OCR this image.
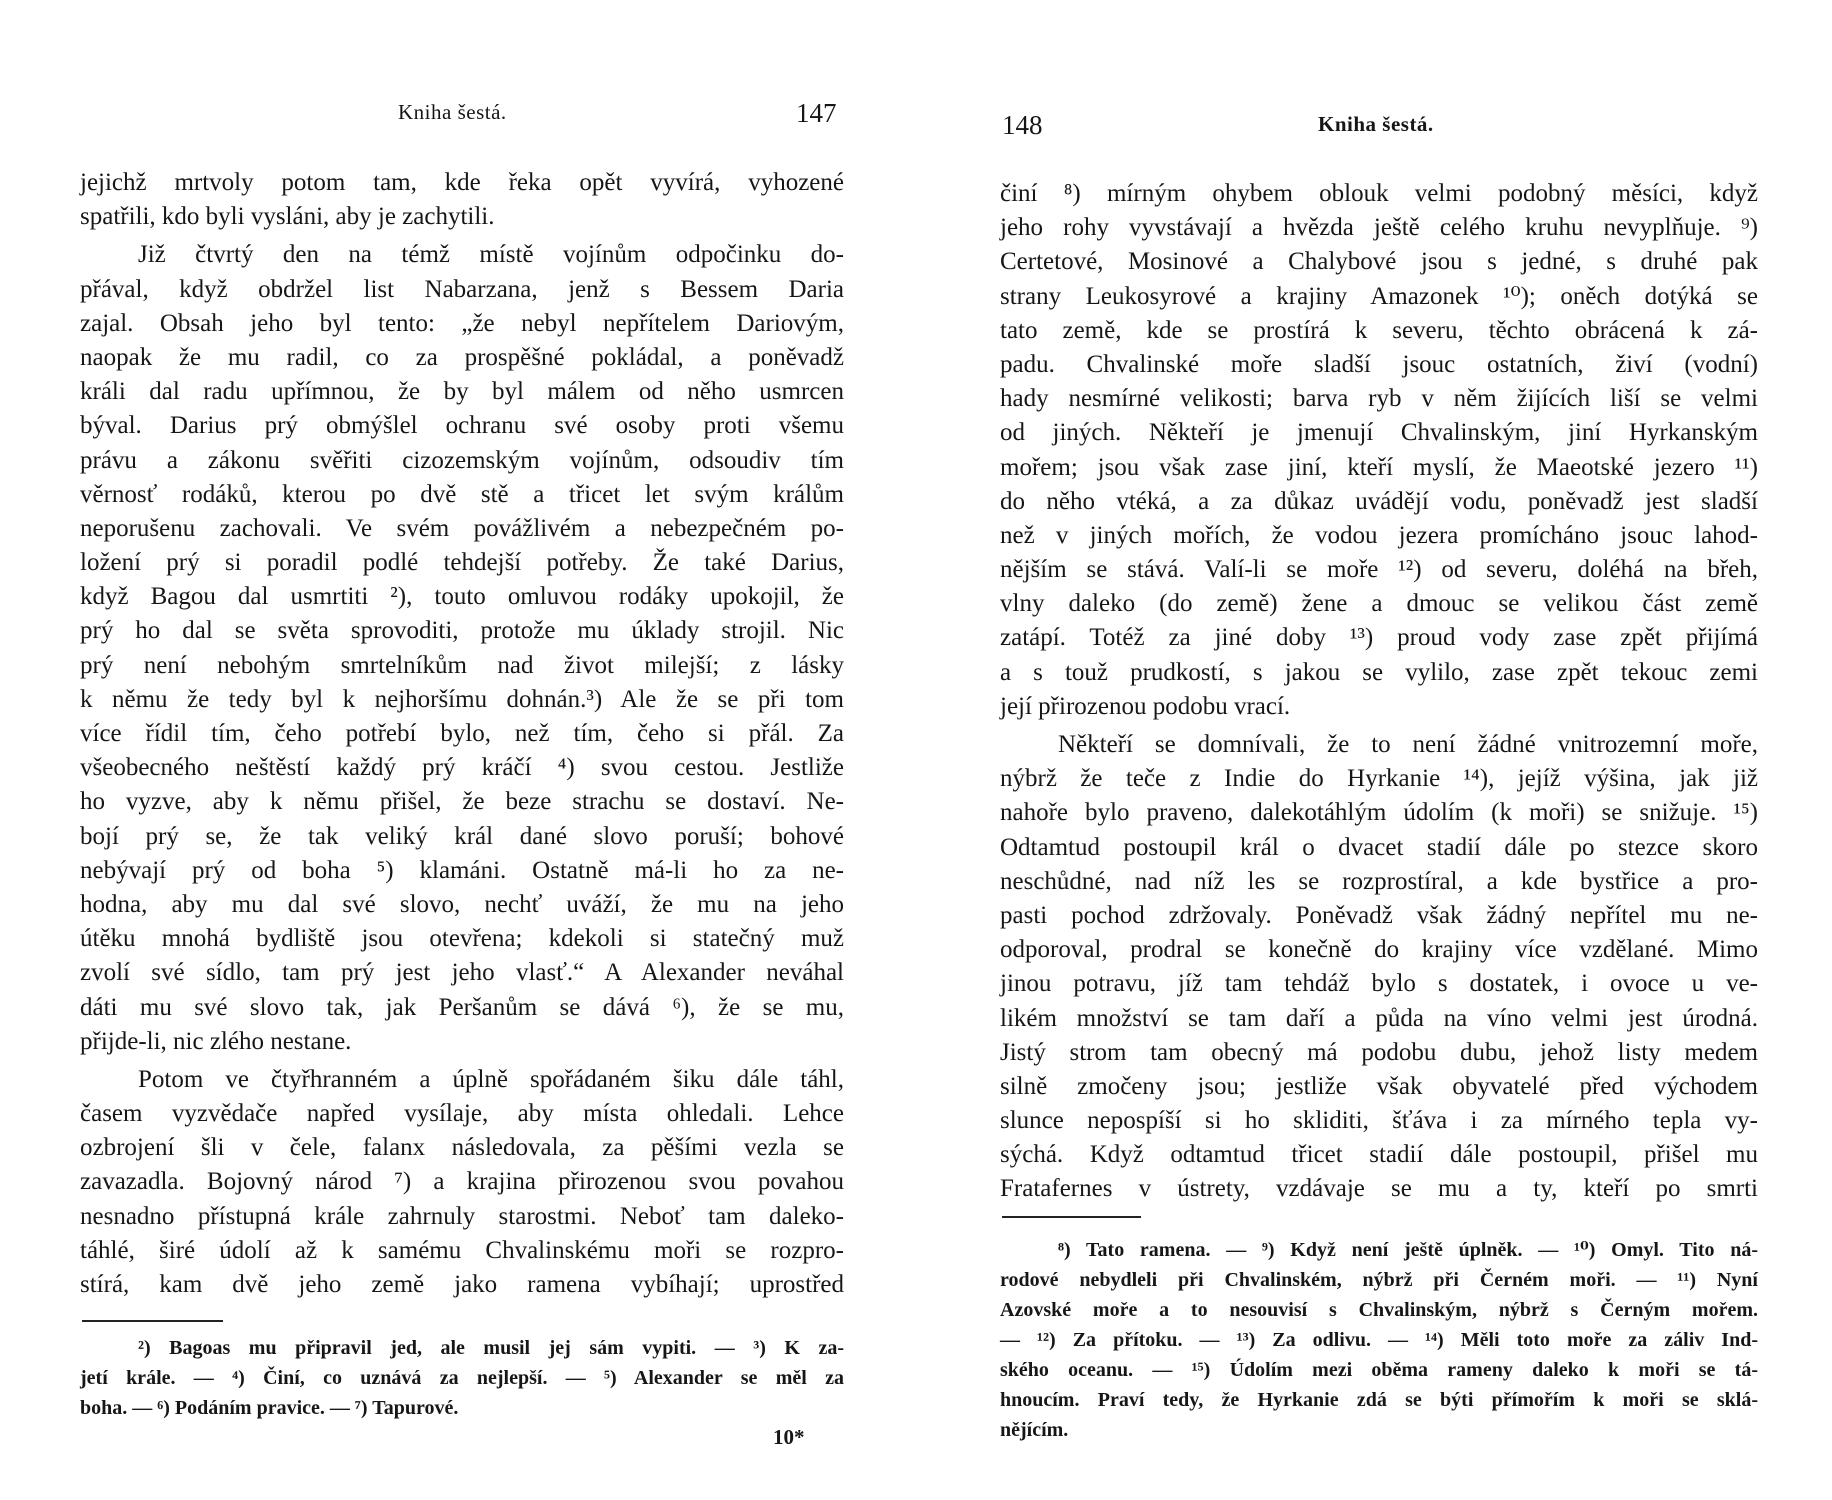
Kniha šestá.	147
jejichž mrtvoly potom tam, kde řeka opět vyvírá, vyhozené
spatřili, kdo byli vysláni, aby je zachytili.
Již čtvrtý den na témž místě vojínům odpočinku do-
přával, když obdržel list Nabarzana, jenž s Bessem Daria
zajal. Obsah jeho byl tento: „že nebyl nepřítelem Dariovým,
naopak že mu radil, co za prospěšné pokládal, a poněvadž
králi dal radu upřímnou, že by byl málem od něho usmrcen
býval. Darius prý obmýšlel ochranu své osoby proti všemu
právu a zákonu svěřiti cizozemským vojínům, odsoudiv tím
věrnosť rodáků, kterou po dvě stě a třicet let svým králům
neporušenu zachovali. Ve svém povážlivém a nebezpečném po-
ložení prý si poradil podlé tehdejší potřeby. Že také Darius,
když Bagou dal usmrtiti ²), touto omluvou rodáky upokojil, že
prý ho dal se světa sprovoditi, protože mu úklady strojil. Nic
prý není nebohým smrtelníkům nad život milejší; z lásky
k němu že tedy byl k nejhoršímu dohnán.³) Ale že se při tom
více řídil tím, čeho potřebí bylo, než tím, čeho si přál. Za
všeobecného neštěstí každý prý kráčí ⁴) svou cestou. Jestliže
ho vyzve, aby k němu přišel, že beze strachu se dostaví. Ne-
bojí prý se, že tak veliký král dané slovo poruší; bohové
nebývají prý od boha ⁵) klamáni. Ostatně má-li ho za ne-
hodna, aby mu dal své slovo, nechť uváží, že mu na jeho
útěku mnohá bydliště jsou otevřena; kdekoli si statečný muž
zvolí své sídlo, tam prý jest jeho vlasť.“ A Alexander neváhal
dáti mu své slovo tak, jak Peršanům se dává ⁶), že se mu,
přijde-li, nic zlého nestane.
Potom ve čtyřhranném a úplně spořádaném šiku dále táhl,
časem vyzvědače napřed vysílaje, aby místa ohledali. Lehce
ozbrojení šli v čele, falanx následovala, za pěšími vezla se
zavazadla. Bojovný národ ⁷) a krajina přirozenou svou povahou
nesnadno přístupná krále zahrnuly starostmi. Neboť tam daleko-
táhlé, širé údolí až k samému Chvalinskému moři se rozpro-
stírá, kam dvě jeho země jako ramena vybíhají; uprostřed
²) Bagoas mu připravil jed, ale musil jej sám vypiti. — ³) K za-
jetí krále. — ⁴) Činí, co uznává za nejlepší. — ⁵) Alexander se měl za
boha. — ⁶) Podáním pravice. — ⁷) Tapurové.
10*
148	Kniha šestá.
činí ⁸) mírným ohybem oblouk velmi podobný měsíci, když
jeho rohy vyvstávají a hvězda ještě celého kruhu nevyplňuje. ⁹)
Certetové, Mosinové a Chalybové jsou s jedné, s druhé pak
strany Leukosyrové a krajiny Amazonek ¹⁰); oněch dotýká se
tato země, kde se prostírá k severu, těchto obrácená k zá-
padu. Chvalinské moře sladší jsouc ostatních, živí (vodní)
hady nesmírné velikosti; barva ryb v něm žijících liší se velmi
od jiných. Někteří je jmenují Chvalinským, jiní Hyrkanským
mořem; jsou však zase jiní, kteří myslí, že Maeotské jezero ¹¹)
do něho vtéká, a za důkaz uvádějí vodu, poněvadž jest sladší
než v jiných mořích, že vodou jezera promícháno jsouc lahod-
nějším se stává. Valí-li se moře ¹²) od severu, doléhá na břeh,
vlny daleko (do země) žene a dmouc se velikou část země
zatápí. Totéž za jiné doby ¹³) proud vody zase zpět přijímá
a s touž prudkostí, s jakou se vylilo, zase zpět tekouc zemi
její přirozenou podobu vrací.
Někteří se domnívali, že to není žádné vnitrozemní moře,
nýbrž že teče z Indie do Hyrkanie ¹⁴), jejíž výšina, jak již
nahoře bylo praveno, dalekotáhlým údolím (k moři) se snižuje. ¹⁵)
Odtamtud postoupil král o dvacet stadií dále po stezce skoro
neschůdné, nad níž les se rozprostíral, a kde bystřice a pro-
pasti pochod zdržovaly. Poněvadž však žádný nepřítel mu ne-
odporoval, prodral se konečně do krajiny více vzdělané. Mimo
jinou potravu, jíž tam tehdáž bylo s dostatek, i ovoce u ve-
likém množství se tam daří a půda na víno velmi jest úrodná.
Jistý strom tam obecný má podobu dubu, jehož listy medem
silně zmočeny jsou; jestliže však obyvatelé před východem
slunce nepospíší si ho skliditi, šťáva i za mírného tepla vy-
sýchá. Když odtamtud třicet stadií dále postoupil, přišel mu
Fratafernes v ústrety, vzdávaje se mu a ty, kteří po smrti
⁸) Tato ramena. — ⁹) Když není ještě úplněk. — ¹⁰) Omyl. Tito ná-
rodové nebydleli při Chvalinském, nýbrž při Černém moři. — ¹¹) Nyní
Azovské moře a to nesouvisí s Chvalinským, nýbrž s Černým mořem.
— ¹²) Za přítoku. — ¹³) Za odlivu. — ¹⁴) Měli toto moře za záliv Ind-
ského oceanu. — ¹⁵) Údolím mezi oběma rameny daleko k moři se tá-
hnoucím. Praví tedy, že Hyrkanie zdá se býti přímořím k moři se sklá-
nějícím.
